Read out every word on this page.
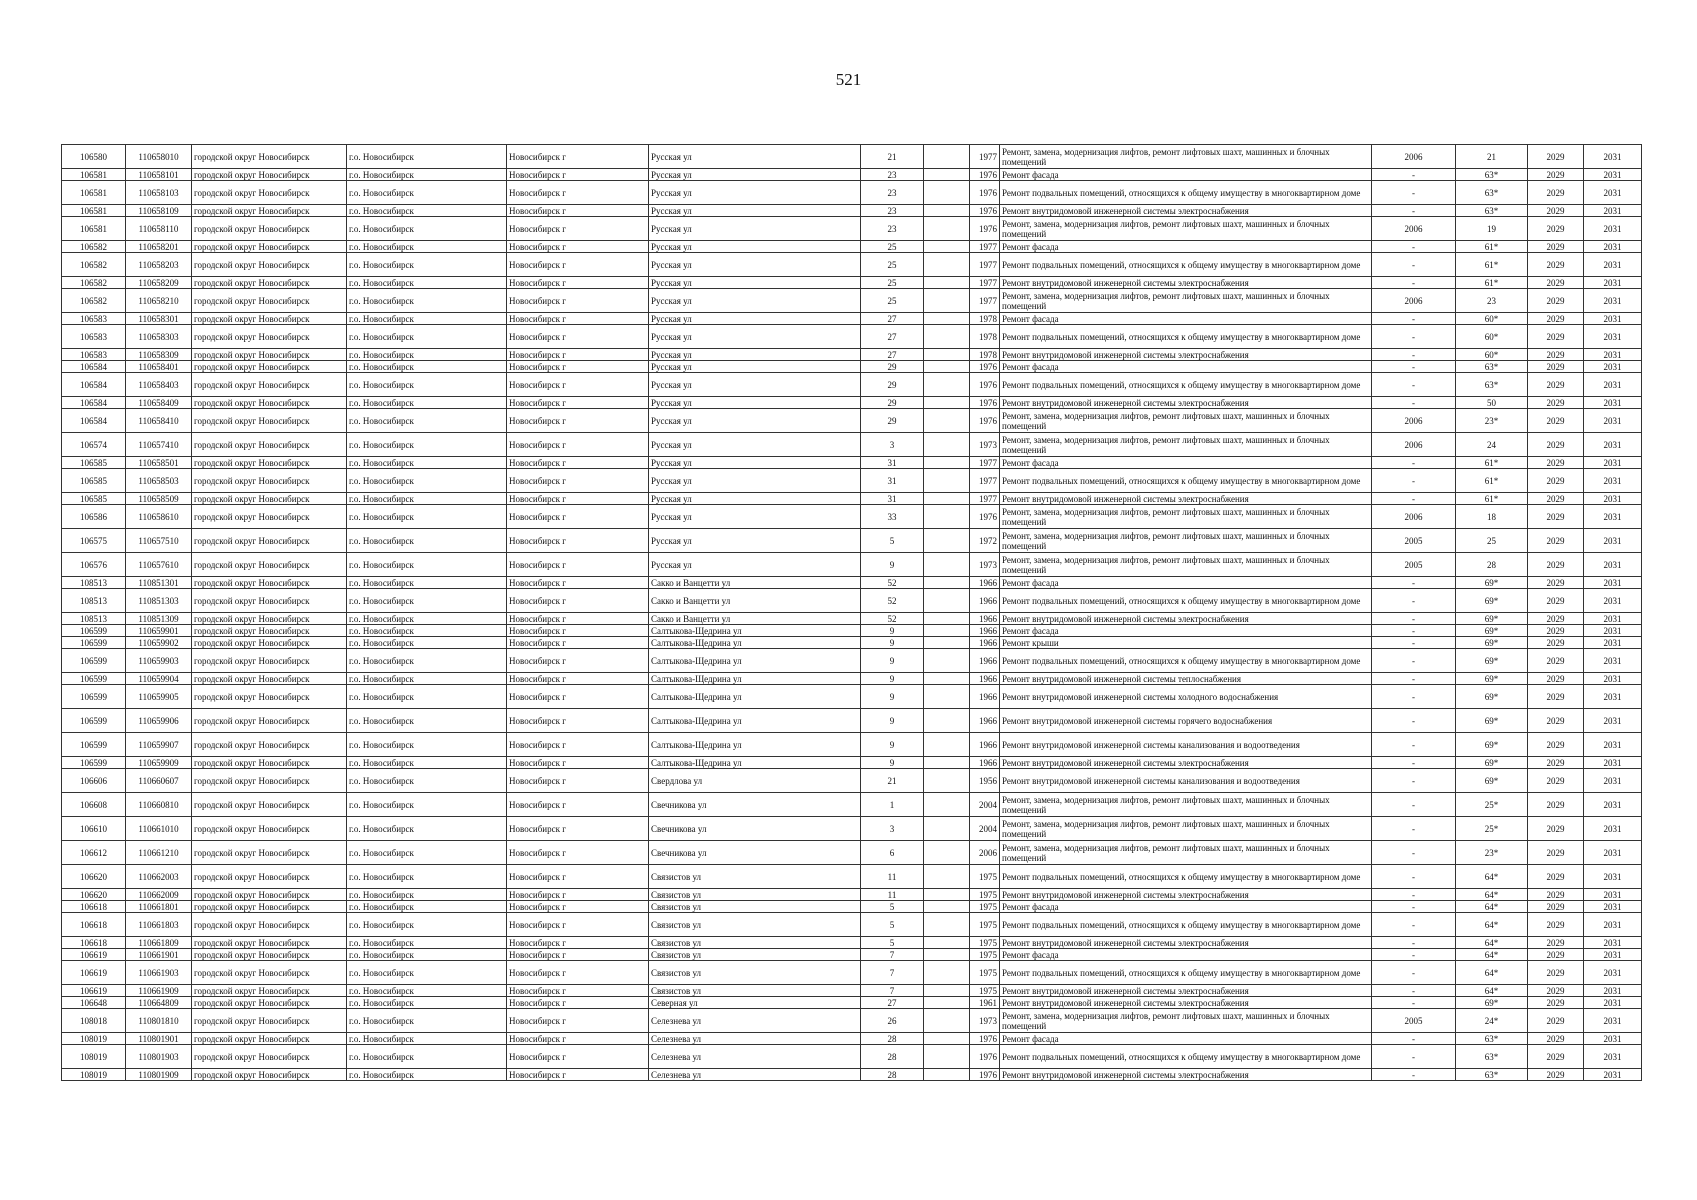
521
106580	110658010	городской округ Новосибирск	г.о. Новосибирск	Новосибирск г	Русская ул	21		1977	Ремонт, замена, модернизация лифтов, ремонт лифтовых шахт, машинных и блочных помещений	2006	21	2029	2031
106581	110658101	городской округ Новосибирск	г.о. Новосибирск	Новосибирск г	Русская ул	23		1976	Ремонт фасада	-	63*	2029	2031
106581	110658103	городской округ Новосибирск	г.о. Новосибирск	Новосибирск г	Русская ул	23		1976	Ремонт подвальных помещений, относящихся к общему имуществу в многоквартирном доме	-	63*	2029	2031
106581	110658109	городской округ Новосибирск	г.о. Новосибирск	Новосибирск г	Русская ул	23		1976	Ремонт внутридомовой инженерной системы электроснабжения	-	63*	2029	2031
106581	110658110	городской округ Новосибирск	г.о. Новосибирск	Новосибирск г	Русская ул	23		1976	Ремонт, замена, модернизация лифтов, ремонт лифтовых шахт, машинных и блочных помещений	2006	19	2029	2031
106582	110658201	городской округ Новосибирск	г.о. Новосибирск	Новосибирск г	Русская ул	25		1977	Ремонт фасада	-	61*	2029	2031
106582	110658203	городской округ Новосибирск	г.о. Новосибирск	Новосибирск г	Русская ул	25		1977	Ремонт подвальных помещений, относящихся к общему имуществу в многоквартирном доме	-	61*	2029	2031
106582	110658209	городской округ Новосибирск	г.о. Новосибирск	Новосибирск г	Русская ул	25		1977	Ремонт внутридомовой инженерной системы электроснабжения	-	61*	2029	2031
106582	110658210	городской округ Новосибирск	г.о. Новосибирск	Новосибирск г	Русская ул	25		1977	Ремонт, замена, модернизация лифтов, ремонт лифтовых шахт, машинных и блочных помещений	2006	23	2029	2031
106583	110658301	городской округ Новосибирск	г.о. Новосибирск	Новосибирск г	Русская ул	27		1978	Ремонт фасада	-	60*	2029	2031
106583	110658303	городской округ Новосибирск	г.о. Новосибирск	Новосибирск г	Русская ул	27		1978	Ремонт подвальных помещений, относящихся к общему имуществу в многоквартирном доме	-	60*	2029	2031
106583	110658309	городской округ Новосибирск	г.о. Новосибирск	Новосибирск г	Русская ул	27		1978	Ремонт внутридомовой инженерной системы электроснабжения	-	60*	2029	2031
106584	110658401	городской округ Новосибирск	г.о. Новосибирск	Новосибирск г	Русская ул	29		1976	Ремонт фасада	-	63*	2029	2031
106584	110658403	городской округ Новосибирск	г.о. Новосибирск	Новосибирск г	Русская ул	29		1976	Ремонт подвальных помещений, относящихся к общему имуществу в многоквартирном доме	-	63*	2029	2031
106584	110658409	городской округ Новосибирск	г.о. Новосибирск	Новосибирск г	Русская ул	29		1976	Ремонт внутридомовой инженерной системы электроснабжения	-	50	2029	2031
106584	110658410	городской округ Новосибирск	г.о. Новосибирск	Новосибирск г	Русская ул	29		1976	Ремонт, замена, модернизация лифтов, ремонт лифтовых шахт, машинных и блочных помещений	2006	23*	2029	2031
106574	110657410	городской округ Новосибирск	г.о. Новосибирск	Новосибирск г	Русская ул	3		1973	Ремонт, замена, модернизация лифтов, ремонт лифтовых шахт, машинных и блочных помещений	2006	24	2029	2031
106585	110658501	городской округ Новосибирск	г.о. Новосибирск	Новосибирск г	Русская ул	31		1977	Ремонт фасада	-	61*	2029	2031
106585	110658503	городской округ Новосибирск	г.о. Новосибирск	Новосибирск г	Русская ул	31		1977	Ремонт подвальных помещений, относящихся к общему имуществу в многоквартирном доме	-	61*	2029	2031
106585	110658509	городской округ Новосибирск	г.о. Новосибирск	Новосибирск г	Русская ул	31		1977	Ремонт внутридомовой инженерной системы электроснабжения	-	61*	2029	2031
106586	110658610	городской округ Новосибирск	г.о. Новосибирск	Новосибирск г	Русская ул	33		1976	Ремонт, замена, модернизация лифтов, ремонт лифтовых шахт, машинных и блочных помещений	2006	18	2029	2031
106575	110657510	городской округ Новосибирск	г.о. Новосибирск	Новосибирск г	Русская ул	5		1972	Ремонт, замена, модернизация лифтов, ремонт лифтовых шахт, машинных и блочных помещений	2005	25	2029	2031
106576	110657610	городской округ Новосибирск	г.о. Новосибирск	Новосибирск г	Русская ул	9		1973	Ремонт, замена, модернизация лифтов, ремонт лифтовых шахт, машинных и блочных помещений	2005	28	2029	2031
108513	110851301	городской округ Новосибирск	г.о. Новосибирск	Новосибирск г	Сакко и Ванцетти ул	52		1966	Ремонт фасада	-	69*	2029	2031
108513	110851303	городской округ Новосибирск	г.о. Новосибирск	Новосибирск г	Сакко и Ванцетти ул	52		1966	Ремонт подвальных помещений, относящихся к общему имуществу в многоквартирном доме	-	69*	2029	2031
108513	110851309	городской округ Новосибирск	г.о. Новосибирск	Новосибирск г	Сакко и Ванцетти ул	52		1966	Ремонт внутридомовой инженерной системы электроснабжения	-	69*	2029	2031
106599	110659901	городской округ Новосибирск	г.о. Новосибирск	Новосибирск г	Салтыкова-Щедрина ул	9		1966	Ремонт фасада	-	69*	2029	2031
106599	110659902	городской округ Новосибирск	г.о. Новосибирск	Новосибирск г	Салтыкова-Щедрина ул	9		1966	Ремонт крыши	-	69*	2029	2031
106599	110659903	городской округ Новосибирск	г.о. Новосибирск	Новосибирск г	Салтыкова-Щедрина ул	9		1966	Ремонт подвальных помещений, относящихся к общему имуществу в многоквартирном доме	-	69*	2029	2031
106599	110659904	городской округ Новосибирск	г.о. Новосибирск	Новосибирск г	Салтыкова-Щедрина ул	9		1966	Ремонт внутридомовой инженерной системы теплоснабжения	-	69*	2029	2031
106599	110659905	городской округ Новосибирск	г.о. Новосибирск	Новосибирск г	Салтыкова-Щедрина ул	9		1966	Ремонт внутридомовой инженерной системы холодного водоснабжения	-	69*	2029	2031
106599	110659906	городской округ Новосибирск	г.о. Новосибирск	Новосибирск г	Салтыкова-Щедрина ул	9		1966	Ремонт внутридомовой инженерной системы горячего водоснабжения	-	69*	2029	2031
106599	110659907	городской округ Новосибирск	г.о. Новосибирск	Новосибирск г	Салтыкова-Щедрина ул	9		1966	Ремонт внутридомовой инженерной системы канализования и водоотведения	-	69*	2029	2031
106599	110659909	городской округ Новосибирск	г.о. Новосибирск	Новосибирск г	Салтыкова-Щедрина ул	9		1966	Ремонт внутридомовой инженерной системы электроснабжения	-	69*	2029	2031
106606	110660607	городской округ Новосибирск	г.о. Новосибирск	Новосибирск г	Свердлова ул	21		1956	Ремонт внутридомовой инженерной системы канализования и водоотведения	-	69*	2029	2031
106608	110660810	городской округ Новосибирск	г.о. Новосибирск	Новосибирск г	Свечникова ул	1		2004	Ремонт, замена, модернизация лифтов, ремонт лифтовых шахт, машинных и блочных помещений	-	25*	2029	2031
106610	110661010	городской округ Новосибирск	г.о. Новосибирск	Новосибирск г	Свечникова ул	3		2004	Ремонт, замена, модернизация лифтов, ремонт лифтовых шахт, машинных и блочных помещений	-	25*	2029	2031
106612	110661210	городской округ Новосибирск	г.о. Новосибирск	Новосибирск г	Свечникова ул	6		2006	Ремонт, замена, модернизация лифтов, ремонт лифтовых шахт, машинных и блочных помещений	-	23*	2029	2031
106620	110662003	городской округ Новосибирск	г.о. Новосибирск	Новосибирск г	Связистов ул	11		1975	Ремонт подвальных помещений, относящихся к общему имуществу в многоквартирном доме	-	64*	2029	2031
106620	110662009	городской округ Новосибирск	г.о. Новосибирск	Новосибирск г	Связистов ул	11		1975	Ремонт внутридомовой инженерной системы электроснабжения	-	64*	2029	2031
106618	110661801	городской округ Новосибирск	г.о. Новосибирск	Новосибирск г	Связистов ул	5		1975	Ремонт фасада	-	64*	2029	2031
106618	110661803	городской округ Новосибирск	г.о. Новосибирск	Новосибирск г	Связистов ул	5		1975	Ремонт подвальных помещений, относящихся к общему имуществу в многоквартирном доме	-	64*	2029	2031
106618	110661809	городской округ Новосибирск	г.о. Новосибирск	Новосибирск г	Связистов ул	5		1975	Ремонт внутридомовой инженерной системы электроснабжения	-	64*	2029	2031
106619	110661901	городской округ Новосибирск	г.о. Новосибирск	Новосибирск г	Связистов ул	7		1975	Ремонт фасада	-	64*	2029	2031
106619	110661903	городской округ Новосибирск	г.о. Новосибирск	Новосибирск г	Связистов ул	7		1975	Ремонт подвальных помещений, относящихся к общему имуществу в многоквартирном доме	-	64*	2029	2031
106619	110661909	городской округ Новосибирск	г.о. Новосибирск	Новосибирск г	Связистов ул	7		1975	Ремонт внутридомовой инженерной системы электроснабжения	-	64*	2029	2031
106648	110664809	городской округ Новосибирск	г.о. Новосибирск	Новосибирск г	Северная ул	27		1961	Ремонт внутридомовой инженерной системы электроснабжения	-	69*	2029	2031
108018	110801810	городской округ Новосибирск	г.о. Новосибирск	Новосибирск г	Селезнева ул	26		1973	Ремонт, замена, модернизация лифтов, ремонт лифтовых шахт, машинных и блочных помещений	2005	24*	2029	2031
108019	110801901	городской округ Новосибирск	г.о. Новосибирск	Новосибирск г	Селезнева ул	28		1976	Ремонт фасада	-	63*	2029	2031
108019	110801903	городской округ Новосибирск	г.о. Новосибирск	Новосибирск г	Селезнева ул	28		1976	Ремонт подвальных помещений, относящихся к общему имуществу в многоквартирном доме	-	63*	2029	2031
108019	110801909	городской округ Новосибирск	г.о. Новосибирск	Новосибирск г	Селезнева ул	28		1976	Ремонт внутридомовой инженерной системы электроснабжения	-	63*	2029	2031
